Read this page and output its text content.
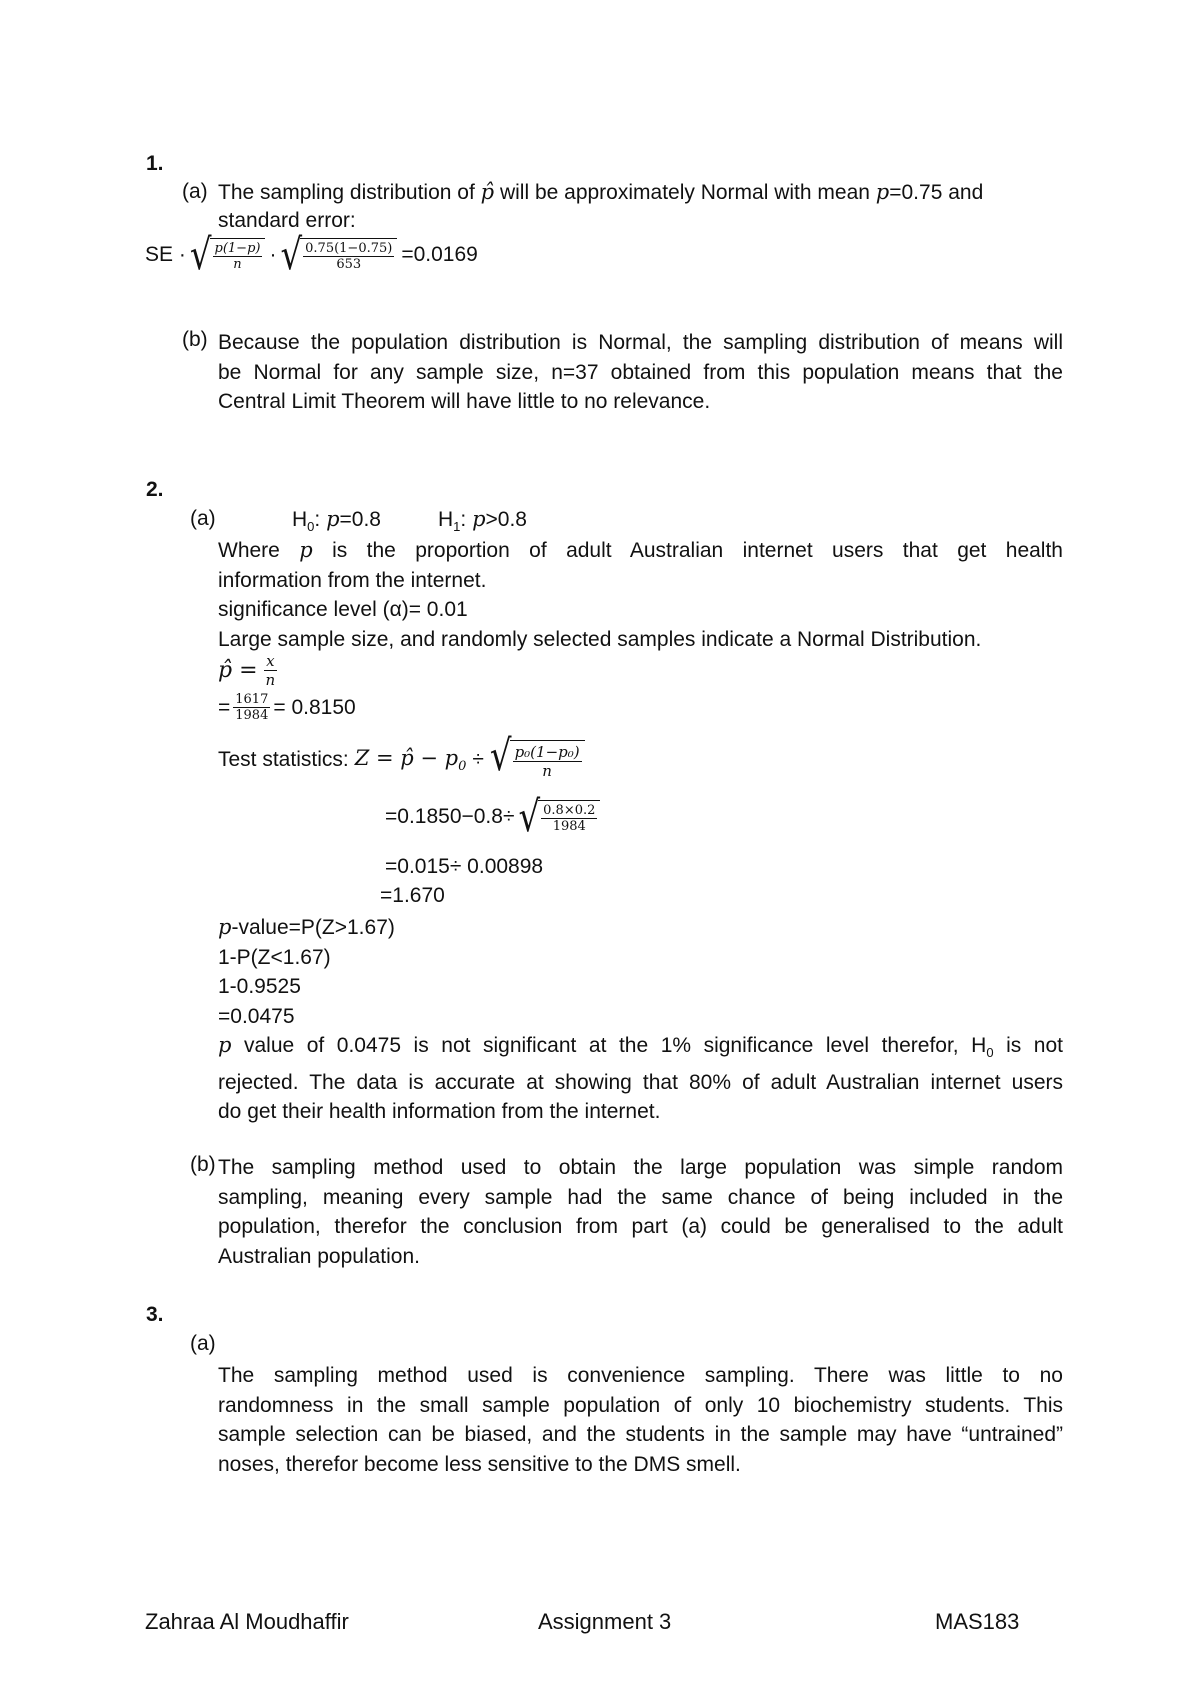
1.
(a) The sampling distribution of p̂ will be approximately Normal with mean p=0.75 and
standard error:
SE · √ $\frac{p(1-p)}{n}$ · √ $\frac{0.75(1-0.75)}{653} =0.0169$
(b) Because the population distribution is Normal, the sampling distribution of means will
be Normal for any sample size, n=37 obtained from this population means that the
Central Limit Theorem will have little to no relevance.
2.
(a)	$H_0$: p=0.8	$H_1$: p>0.8
Where p is the proportion of adult Australian internet users that get health
information from the internet.
significance level (α)= 0.01
Large sample size, and randomly selected samples indicate a Normal Distribution.
p̂ = $\frac{x}{n}$
= $\frac{1617}{1984} = 0.8150$
Test statistics: Z = p̂ − $p_0$ ÷ √ $\frac{\text{p₀(1−p₀)}}{n}$
=0.1850−0.8÷ √ $\frac{0.8\times 0.2}{1984}$
=0.015÷ 0.00898
=1.670
p-value=P(Z>1.67)
1-P(Z<1.67)
1-0.9525
=0.0475
p value of 0.0475 is not significant at the 1% significance level therefor, $H_0$ is not
rejected. The data is accurate at showing that 80% of adult Australian internet users
do get their health information from the internet.
(b) The sampling method used to obtain the large population was simple random
sampling, meaning every sample had the same chance of being included in the
population, therefor the conclusion from part (a) could be generalised to the adult
Australian population.
3.
(a)
The sampling method used is convenience sampling. There was little to no
randomness in the small sample population of only 10 biochemistry students. This
sample selection can be biased, and the students in the sample may have “untrained”
noses, therefor become less sensitive to the DMS smell.
Zahraa Al Moudhaffir	Assignment 3	MAS183
